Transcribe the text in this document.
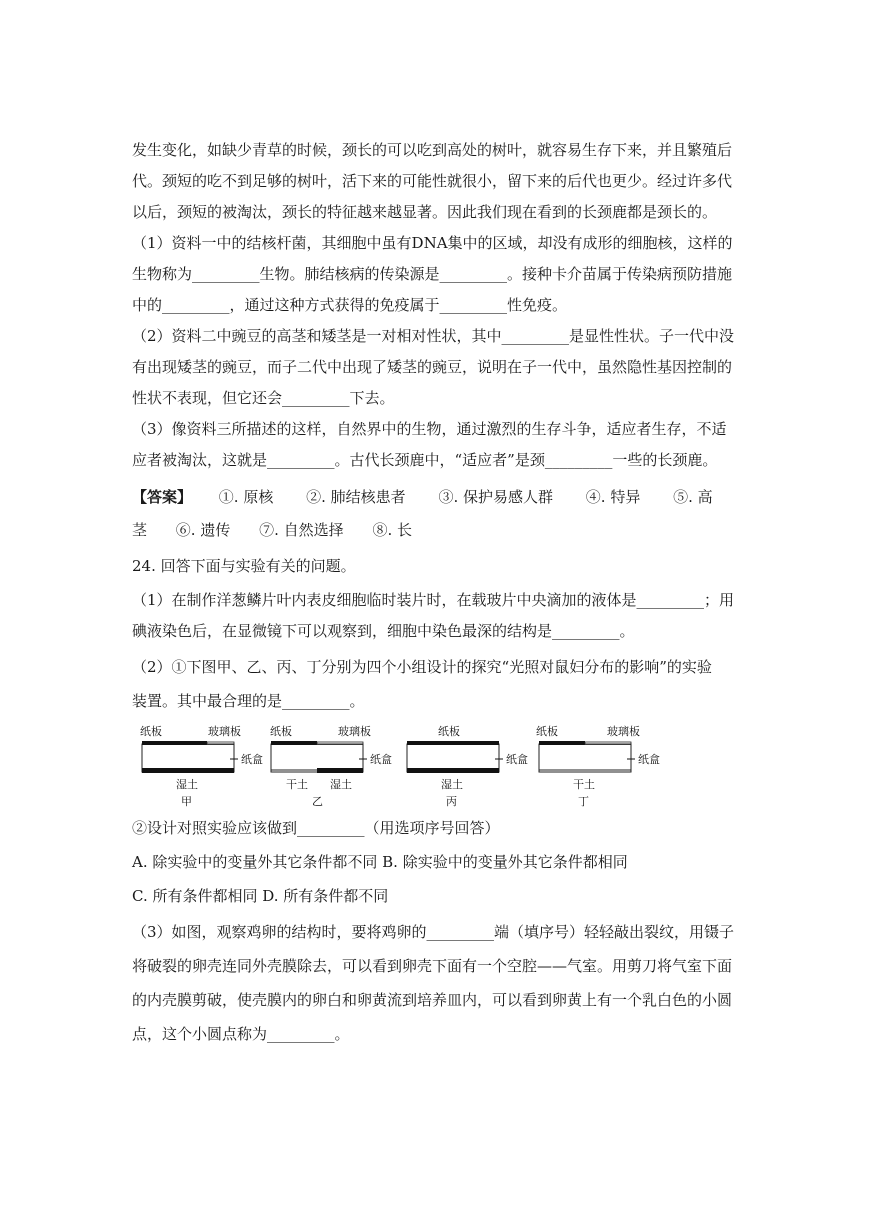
发生变化，如缺少青草的时候，颈长的可以吃到高处的树叶，就容易生存下来，并且繁殖后
代。颈短的吃不到足够的树叶，活下来的可能性就很小，留下来的后代也更少。经过许多代
以后，颈短的被淘汰，颈长的特征越来越显著。因此我们现在看到的长颈鹿都是颈长的。
（1）资料一中的结核杆菌，其细胞中虽有DNA集中的区域，却没有成形的细胞核，这样的
生物称为_________生物。肺结核病的传染源是_________。接种卡介苗属于传染病预防措施
中的_________，通过这种方式获得的免疫属于_________性免疫。
（2）资料二中豌豆的高茎和矮茎是一对相对性状，其中_________是显性性状。子一代中没
有出现矮茎的豌豆，而子二代中出现了矮茎的豌豆，说明在子一代中，虽然隐性基因控制的
性状不表现，但它还会_________下去。
（3）像资料三所描述的这样，自然界中的生物，通过激烈的生存斗争，适应者生存，不适
应者被淘汰，这就是_________。古代长颈鹿中，“适应者”是颈_________一些的长颈鹿。
【答案】 ①. 原核 ②. 肺结核患者 ③. 保护易感人群 ④. 特异 ⑤. 高
茎 ⑥. 遗传 ⑦. 自然选择 ⑧. 长
24. 回答下面与实验有关的问题。
（1）在制作洋葱鳞片叶内表皮细胞临时装片时，在载玻片中央滴加的液体是_________；用
碘液染色后，在显微镜下可以观察到，细胞中染色最深的结构是_________。
（2）①下图甲、乙、丙、丁分别为四个小组设计的探究“光照对鼠妇分布的影响”的实验
装置。其中最合理的是_________。
纸板	玻璃板
纸盒
湿土
甲
纸板	玻璃板
纸盒
干土 湿土
乙
纸板
纸盒
湿土
丙
纸板	玻璃板
纸盒
干土
丁
②设计对照实验应该做到_________（用选项序号回答）
A. 除实验中的变量外其它条件都不同 B. 除实验中的变量外其它条件都相同
C. 所有条件都相同 D. 所有条件都不同
（3）如图，观察鸡卵的结构时，要将鸡卵的_________端（填序号）轻轻敲出裂纹，用镊子
将破裂的卵壳连同外壳膜除去，可以看到卵壳下面有一个空腔——气室。用剪刀将气室下面
的内壳膜剪破，使壳膜内的卵白和卵黄流到培养皿内，可以看到卵黄上有一个乳白色的小圆
点，这个小圆点称为_________。
